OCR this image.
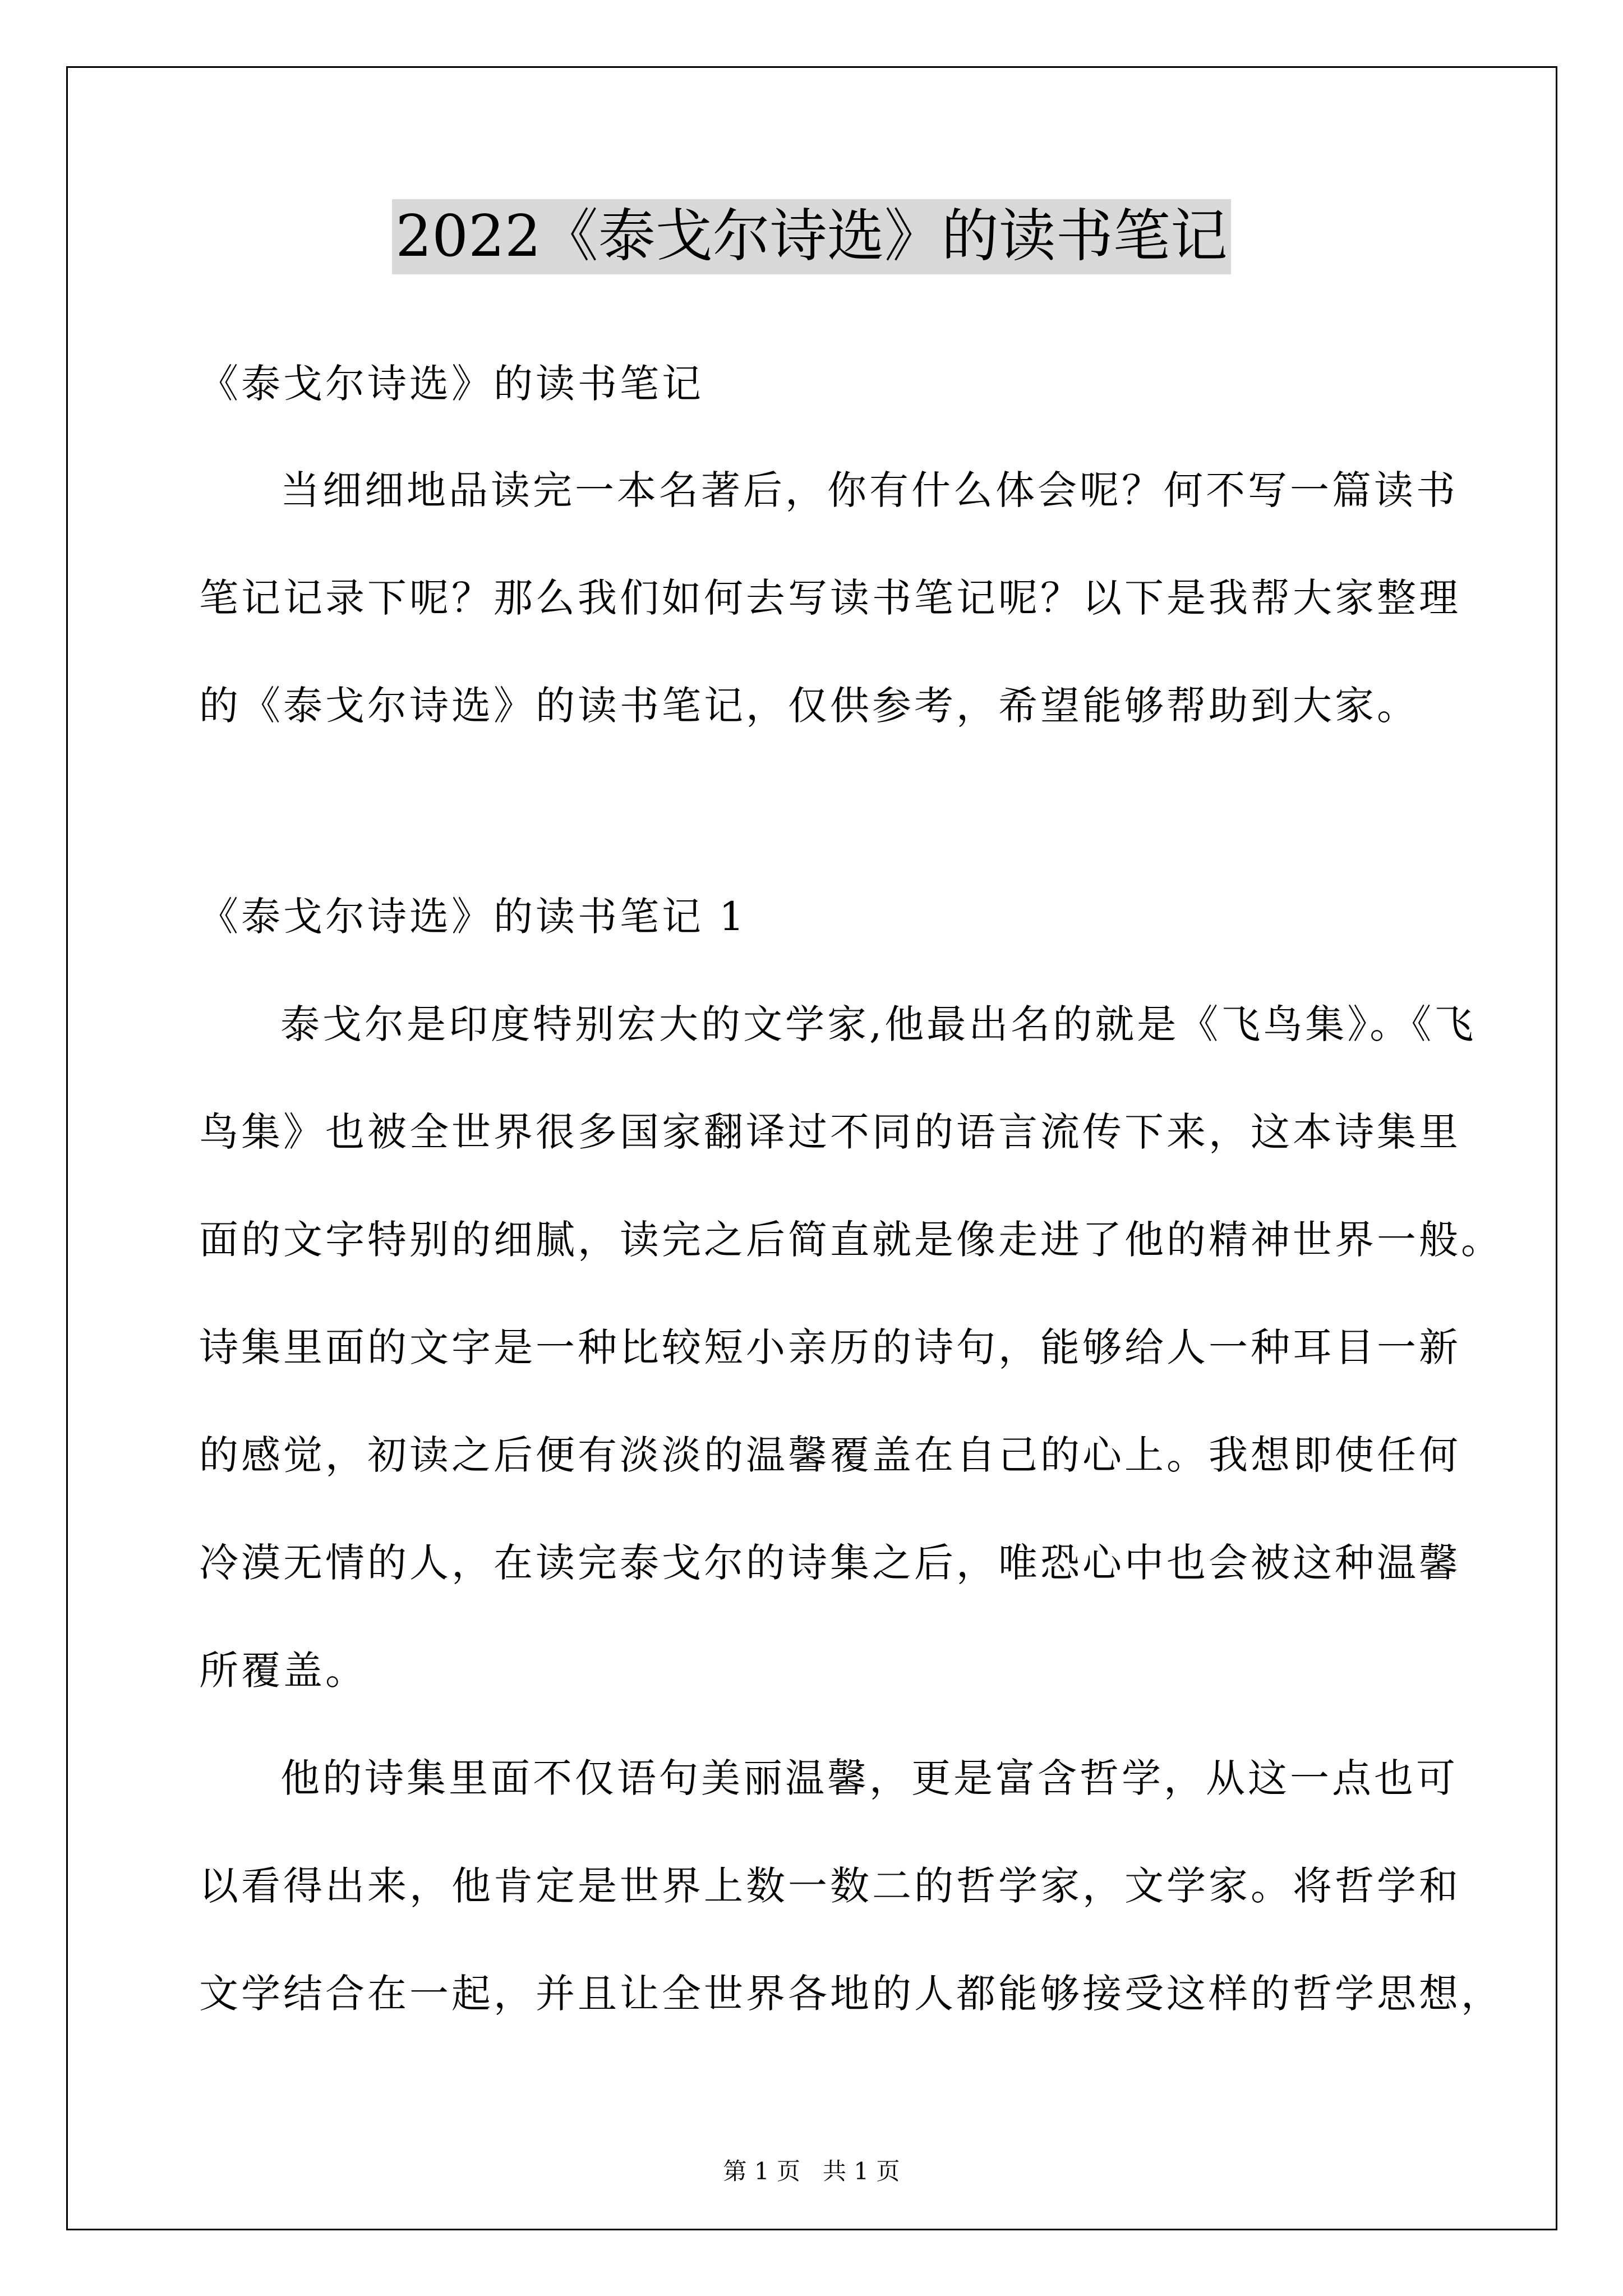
2022《泰戈尔诗选》的读书笔记
《泰戈尔诗选》的读书笔记
当细细地品读完一本名著后，你有什么体会呢？何不写一篇读书
笔记记录下呢？那么我们如何去写读书笔记呢？以下是我帮大家整理
的《泰戈尔诗选》的读书笔记，仅供参考，希望能够帮助到大家。
《泰戈尔诗选》的读书笔记 1
泰戈尔是印度特别宏大的文学家,他最出名的就是《飞鸟集》。《飞
鸟集》也被全世界很多国家翻译过不同的语言流传下来，这本诗集里
面的文字特别的细腻，读完之后简直就是像走进了他的精神世界一般。
诗集里面的文字是一种比较短小亲历的诗句，能够给人一种耳目一新
的感觉，初读之后便有淡淡的温馨覆盖在自己的心上。我想即使任何
冷漠无情的人，在读完泰戈尔的诗集之后，唯恐心中也会被这种温馨
所覆盖。
他的诗集里面不仅语句美丽温馨，更是富含哲学，从这一点也可
以看得出来，他肯定是世界上数一数二的哲学家，文学家。将哲学和
文学结合在一起，并且让全世界各地的人都能够接受这样的哲学思想，
第 1 页   共 1 页
